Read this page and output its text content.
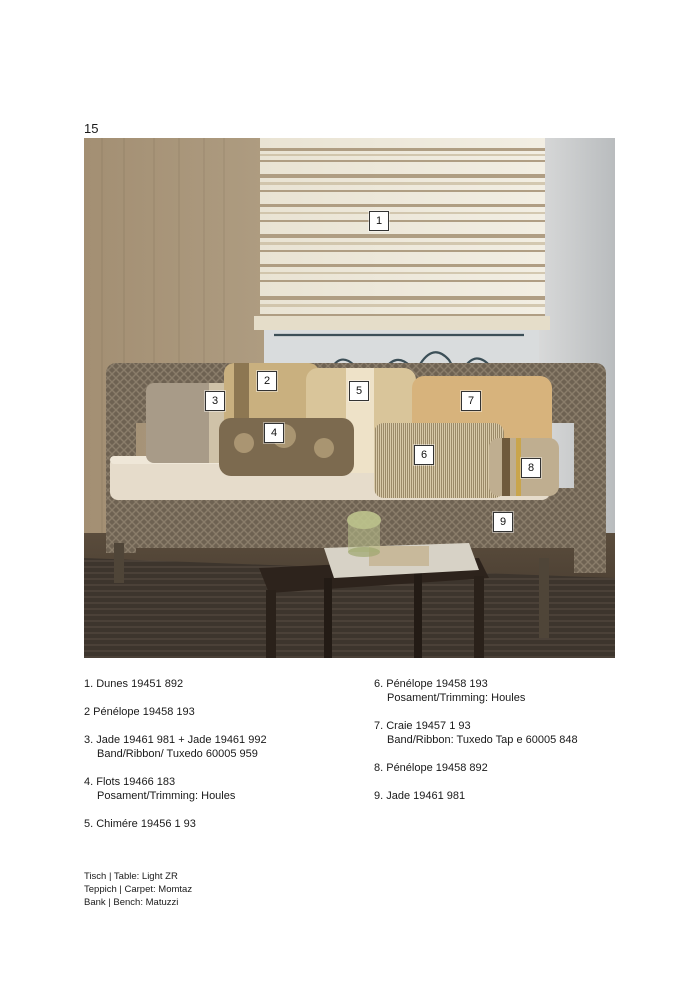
15
1
2
3
4
5
6
7
8
9
1. Dunes 19451 892
2 Pénélope 19458 193
3. Jade 19461 981 + Jade 19461 992
Band/Ribbon/ Tuxedo 60005 959
4. Flots 19466 183
Posament/Trimming: Houles
5. Chimére 19456 1 93
6. Pénélope 19458 193
Posament/Trimming: Houles
7. Craie 19457 1 93
Band/Ribbon: Tuxedo Tap e 60005 848
8. Pénélope 19458 892
9. Jade 19461 981
Tisch | Table: Light ZR
Teppich | Carpet: Momtaz
Bank | Bench: Matuzzi
